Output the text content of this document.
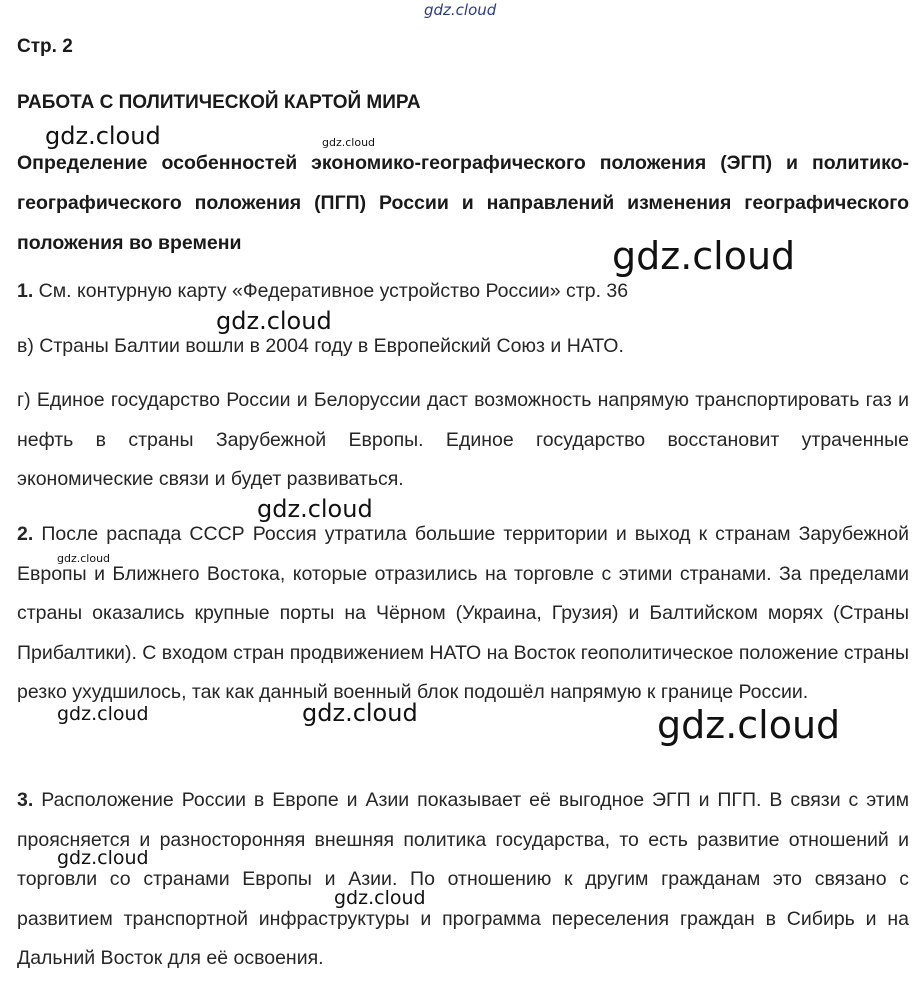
gdz.cloud
Стр. 2
РАБОТА С ПОЛИТИЧЕСКОЙ КАРТОЙ МИРА
Определение особенностей экономико-географического положения (ЭГП) и политико-географического положения (ПГП) России и направлений изменения географического положения во времени
1. См. контурную карту «Федеративное устройство России» стр. 36
в) Страны Балтии вошли в 2004 году в Европейский Союз и НАТО.
г) Единое государство России и Белоруссии даст возможность напрямую транспортировать газ и нефть в страны Зарубежной Европы. Единое государство восстановит утраченные экономические связи и будет развиваться.
2. После распада СССР Россия утратила большие территории и выход к странам Зарубежной Европы и Ближнего Востока, которые отразились на торговле с этими странами. За пределами страны оказались крупные порты на Чёрном (Украина, Грузия) и Балтийском морях (Страны Прибалтики). С входом стран продвижением НАТО на Восток геополитическое положение страны резко ухудшилось, так как данный военный блок подошёл напрямую к границе России.
3. Расположение России в Европе и Азии показывает её выгодное ЭГП и ПГП. В связи с этим проясняется и разносторонняя внешняя политика государства, то есть развитие отношений и торговли со странами Европы и Азии. По отношению к другим гражданам это связано с развитием транспортной инфраструктуры и программа переселения граждан в Сибирь и на Дальний Восток для её освоения.
gdz.cloud	gdz.cloud
gdz.cloud
gdz.cloud
gdz.cloud
gdz.cloud
gdz.cloud	gdz.cloud	gdz.cloud
gdz.cloud
gdz.cloud
